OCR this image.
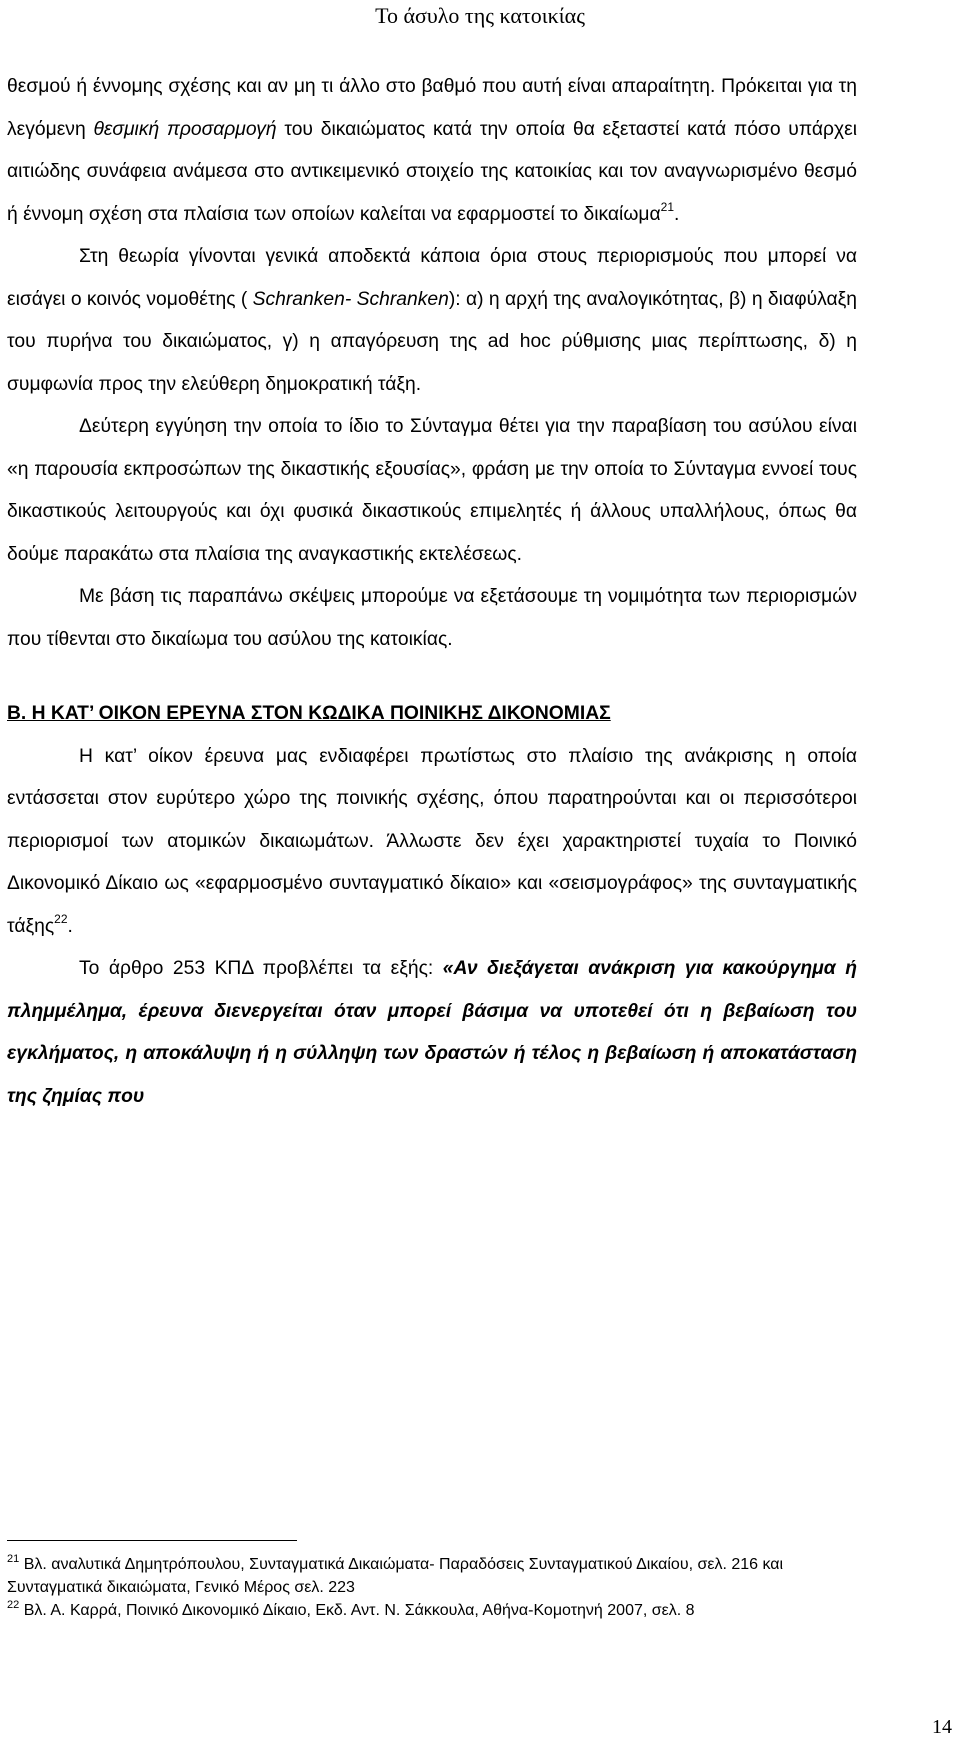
Το άσυλο της κατοικίας

θεσμού ή έννομης σχέσης και αν μη τι άλλο στο βαθμό που αυτή είναι απαραίτητη. Πρόκειται για τη λεγόμενη θεσμική προσαρμογή του δικαιώματος κατά την οποία θα εξεταστεί κατά πόσο υπάρχει αιτιώδης συνάφεια ανάμεσα στο αντικειμενικό στοιχείο της κατοικίας και τον αναγνωρισμένο θεσμό ή έννομη σχέση στα πλαίσια των οποίων καλείται να εφαρμοστεί το δικαίωμα$^{21}$.

Στη θεωρία γίνονται γενικά αποδεκτά κάποια όρια στους περιορισμούς που μπορεί να εισάγει ο κοινός νομοθέτης ( Schranken- Schranken): α) η αρχή της αναλογικότητας, β) η διαφύλαξη του πυρήνα του δικαιώματος, γ) η απαγόρευση της ad hoc ρύθμισης μιας περίπτωσης, δ) η συμφωνία προς την ελεύθερη δημοκρατική τάξη.

Δεύτερη εγγύηση την οποία το ίδιο το Σύνταγμα θέτει για την παραβίαση του ασύλου είναι «η παρουσία εκπροσώπων της δικαστικής εξουσίας», φράση με την οποία το Σύνταγμα εννοεί τους δικαστικούς λειτουργούς και όχι φυσικά δικαστικούς επιμελητές ή άλλους υπαλλήλους, όπως θα δούμε παρακάτω στα πλαίσια της αναγκαστικής εκτελέσεως.

Με βάση τις παραπάνω σκέψεις μπορούμε να εξετάσουμε τη νομιμότητα των περιορισμών που τίθενται στο δικαίωμα του ασύλου της κατοικίας.

Β. Η ΚΑΤ’ ΟΙΚΟΝ ΕΡΕΥΝΑ ΣΤΟΝ ΚΩΔΙΚΑ ΠΟΙΝΙΚΗΣ ΔΙΚΟΝΟΜΙΑΣ

Η κατ’ οίκον έρευνα μας ενδιαφέρει πρωτίστως στο πλαίσιο της ανάκρισης η οποία εντάσσεται στον ευρύτερο χώρο της ποινικής σχέσης, όπου παρατηρούνται και οι περισσότεροι περιορισμοί των ατομικών δικαιωμάτων. Άλλωστε δεν έχει χαρακτηριστεί τυχαία το Ποινικό Δικονομικό Δίκαιο ως «εφαρμοσμένο συνταγματικό δίκαιο» και «σεισμογράφος» της συνταγματικής τάξης$^{22}$.

Το άρθρο 253 ΚΠΔ προβλέπει τα εξής: «Αν διεξάγεται ανάκριση για κακούργημα ή πλημμέλημα, έρευνα διενεργείται όταν μπορεί βάσιμα να υποτεθεί ότι η βεβαίωση του εγκλήματος, η αποκάλυψη ή η σύλληψη των δραστών ή τέλος η βεβαίωση ή αποκατάσταση της ζημίας που

$^{21}$ Βλ. αναλυτικά Δημητρόπουλου, Συνταγματικά Δικαιώματα- Παραδόσεις Συνταγματικού Δικαίου, σελ. 216 και Συνταγματικά δικαιώματα, Γενικό Μέρος σελ. 223

$^{22}$ Βλ. Α. Καρρά, Ποινικό Δικονομικό Δίκαιο, Εκδ. Αντ. Ν. Σάκκουλα, Αθήνα-Κομοτηνή 2007, σελ. 8

14
